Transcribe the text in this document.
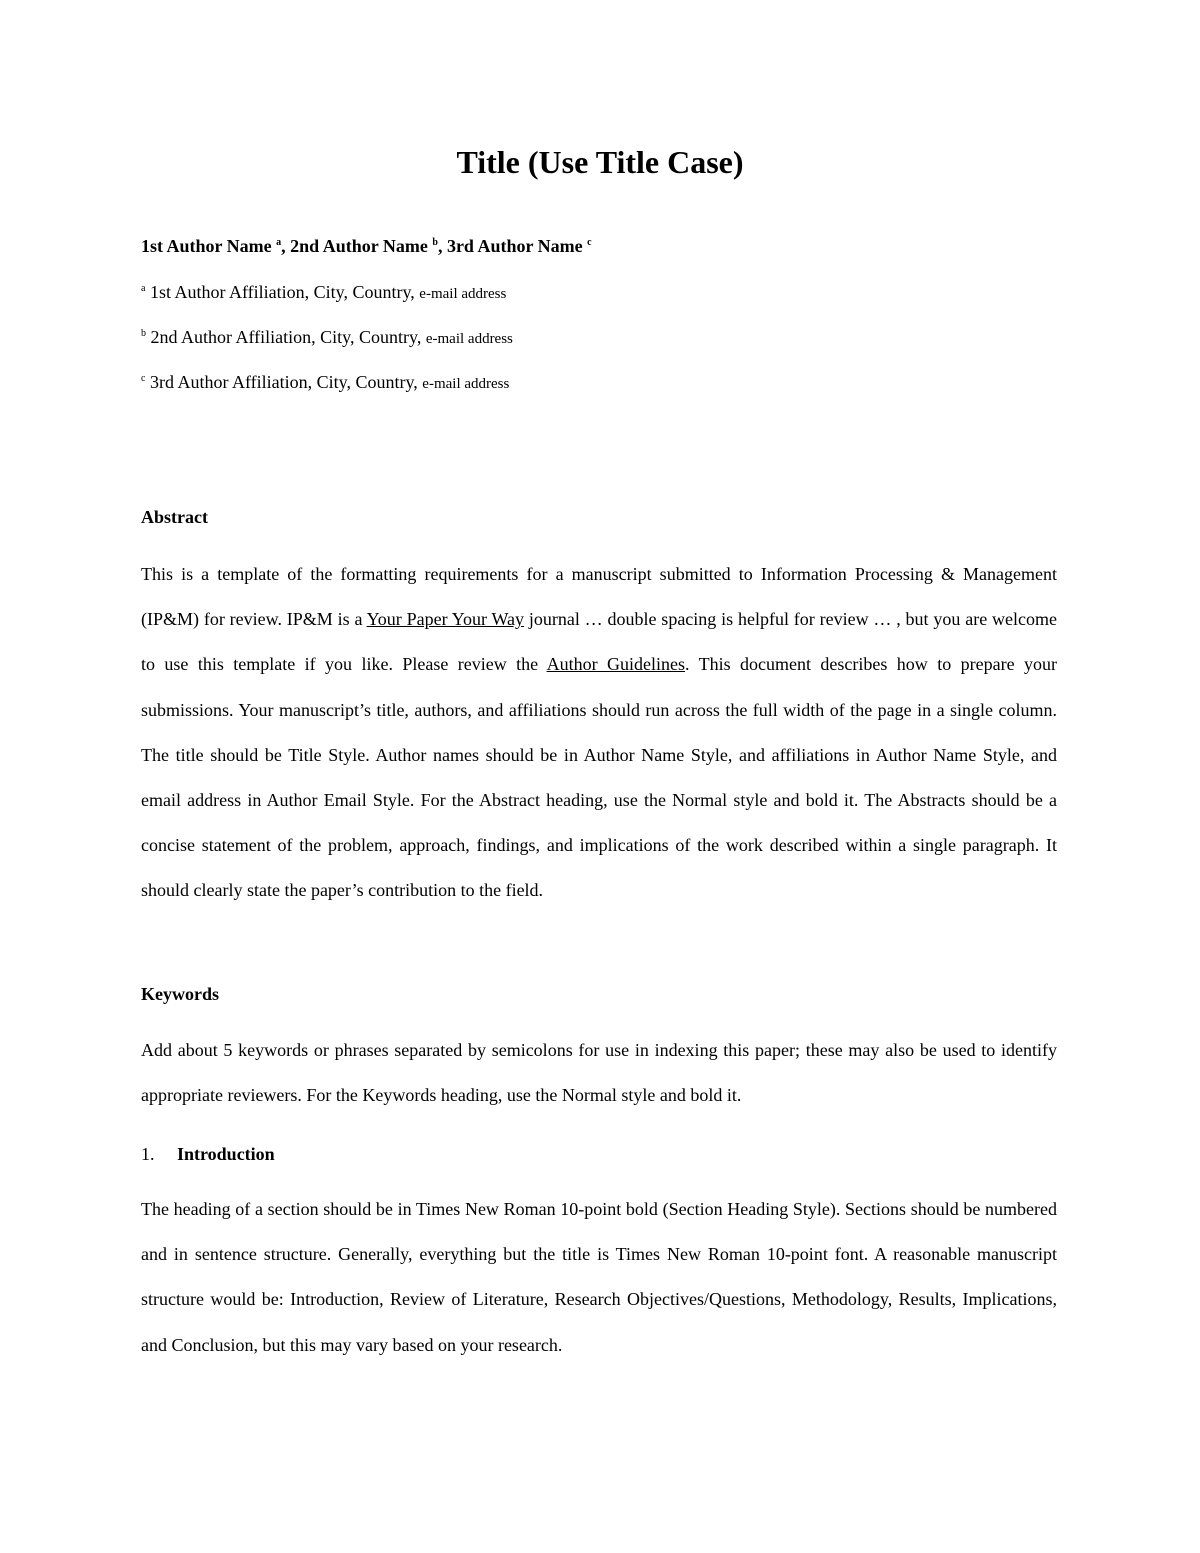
Title (Use Title Case)
1st Author Name $^a$, 2nd Author Name $^b$, 3rd Author Name $^c$
$^a$ 1st Author Affiliation, City, Country, e-mail address
$^b$ 2nd Author Affiliation, City, Country, e-mail address
$^c$ 3rd Author Affiliation, City, Country, e-mail address
Abstract

This is a template of the formatting requirements for a manuscript submitted to Information Processing & Management (IP&M) for review. IP&M is a Your Paper Your Way journal … double spacing is helpful for review … , but you are welcome to use this template if you like. Please review the Author Guidelines. This document describes how to prepare your submissions. Your manuscript’s title, authors, and affiliations should run across the full width of the page in a single column. The title should be Title Style. Author names should be in Author Name Style, and affiliations in Author Name Style, and email address in Author Email Style. For the Abstract heading, use the Normal style and bold it. The Abstracts should be a concise statement of the problem, approach, findings, and implications of the work described within a single paragraph. It should clearly state the paper’s contribution to the field.

Keywords

Add about 5 keywords or phrases separated by semicolons for use in indexing this paper; these may also be used to identify appropriate reviewers. For the Keywords heading, use the Normal style and bold it.

1. Introduction

The heading of a section should be in Times New Roman 10-point bold (Section Heading Style). Sections should be numbered and in sentence structure. Generally, everything but the title is Times New Roman 10-point font. A reasonable manuscript structure would be: Introduction, Review of Literature, Research Objectives/Questions, Methodology, Results, Implications, and Conclusion, but this may vary based on your research.
